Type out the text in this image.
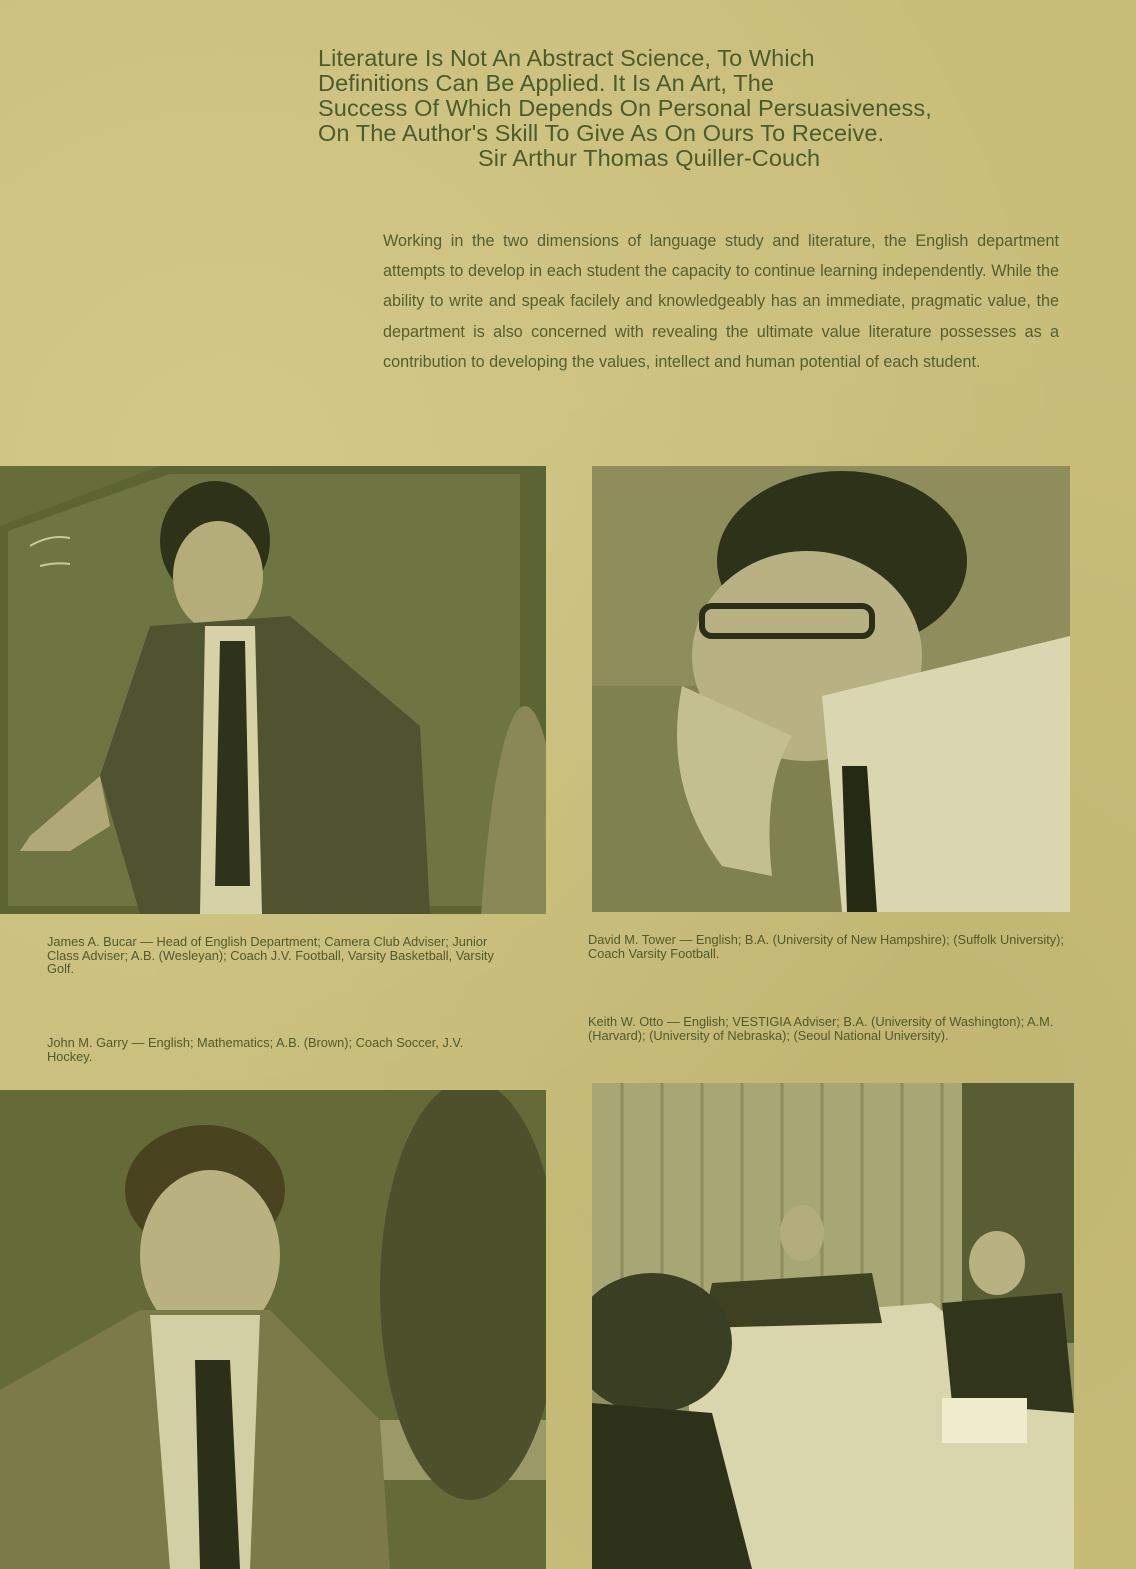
Literature Is Not An Abstract Science, To Which
Definitions Can Be Applied. It Is An Art, The
Success Of Which Depends On Personal Persuasiveness,
On The Author's Skill To Give As On Ours To Receive.
Sir Arthur Thomas Quiller-Couch
Working in the two dimensions of language study and literature, the English department attempts to develop in each student the capacity to continue learning independently. While the ability to write and speak facilely and knowledgeably has an immediate, pragmatic value, the department is also concerned with revealing the ultimate value literature possesses as a contribution to developing the values, intellect and human potential of each student.
James A. Bucar — Head of English Department; Camera Club Adviser; Junior Class Adviser; A.B. (Wesleyan); Coach J.V. Football, Varsity Basketball, Varsity Golf.
David M. Tower — English; B.A. (University of New Hampshire); (Suffolk University); Coach Varsity Football.
John M. Garry — English; Mathematics; A.B. (Brown); Coach Soccer, J.V. Hockey.
Keith W. Otto — English; VESTIGIA Adviser; B.A. (University of Washington); A.M. (Harvard); (University of Nebraska); (Seoul National University).
